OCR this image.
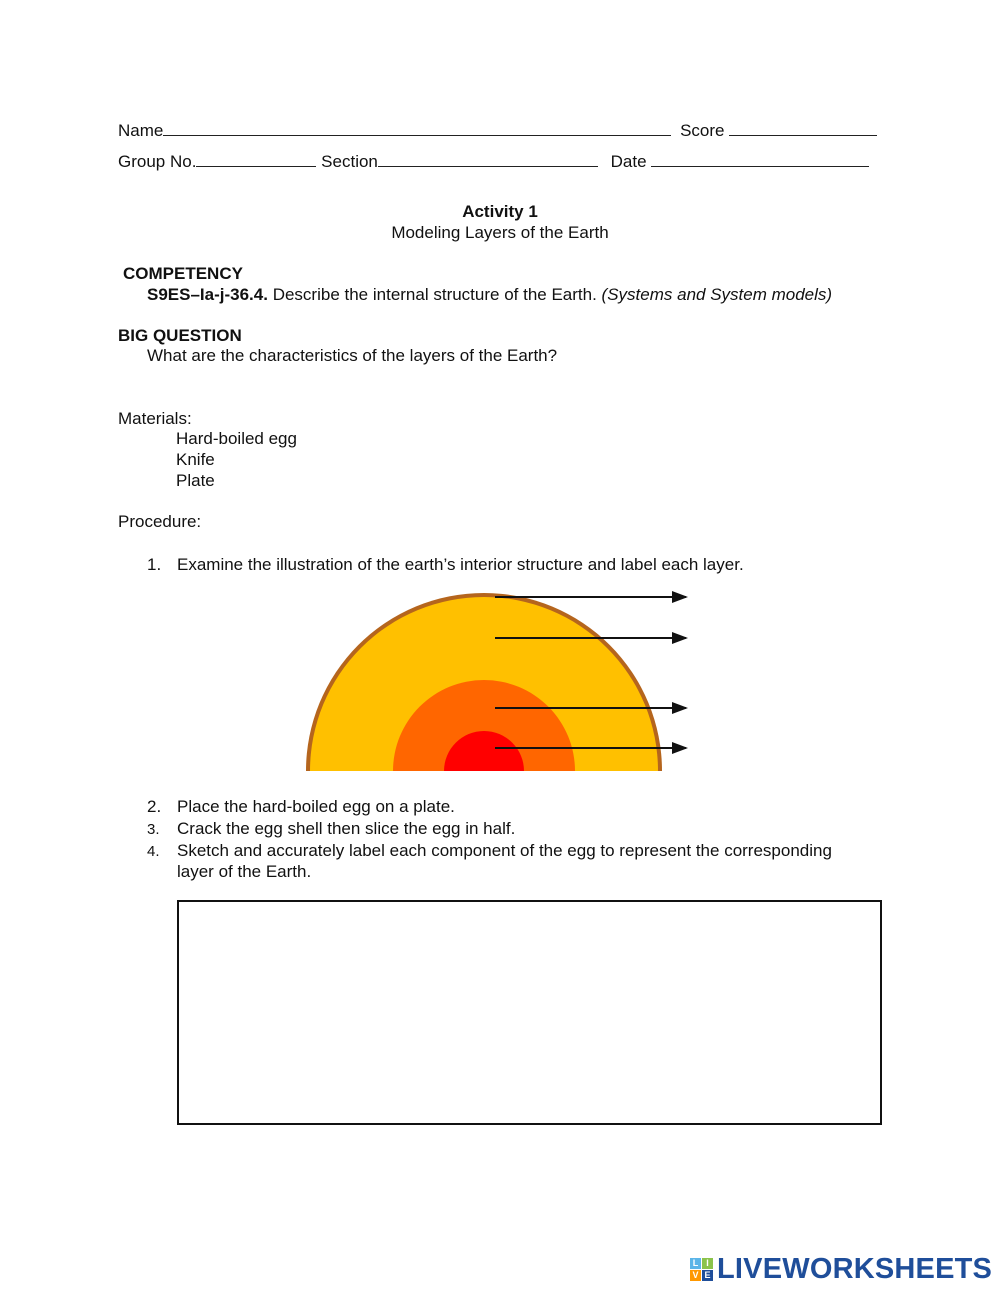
Name	Score
Group No.	Section	Date
Activity 1
Modeling Layers of the Earth
COMPETENCY
S9ES–Ia-j-36.4. Describe the internal structure of the Earth. (Systems and System models)
BIG QUESTION
What are the characteristics of the layers of the Earth?
Materials:
Hard-boiled egg
Knife
Plate
Procedure:
1. Examine the illustration of the earth’s interior structure and label each layer.
2. Place the hard-boiled egg on a plate.
3. Crack the egg shell then slice the egg in half.
4. Sketch and accurately label each component of the egg to represent the corresponding
layer of the Earth.
L I
V E LIVEWORKSHEETS
